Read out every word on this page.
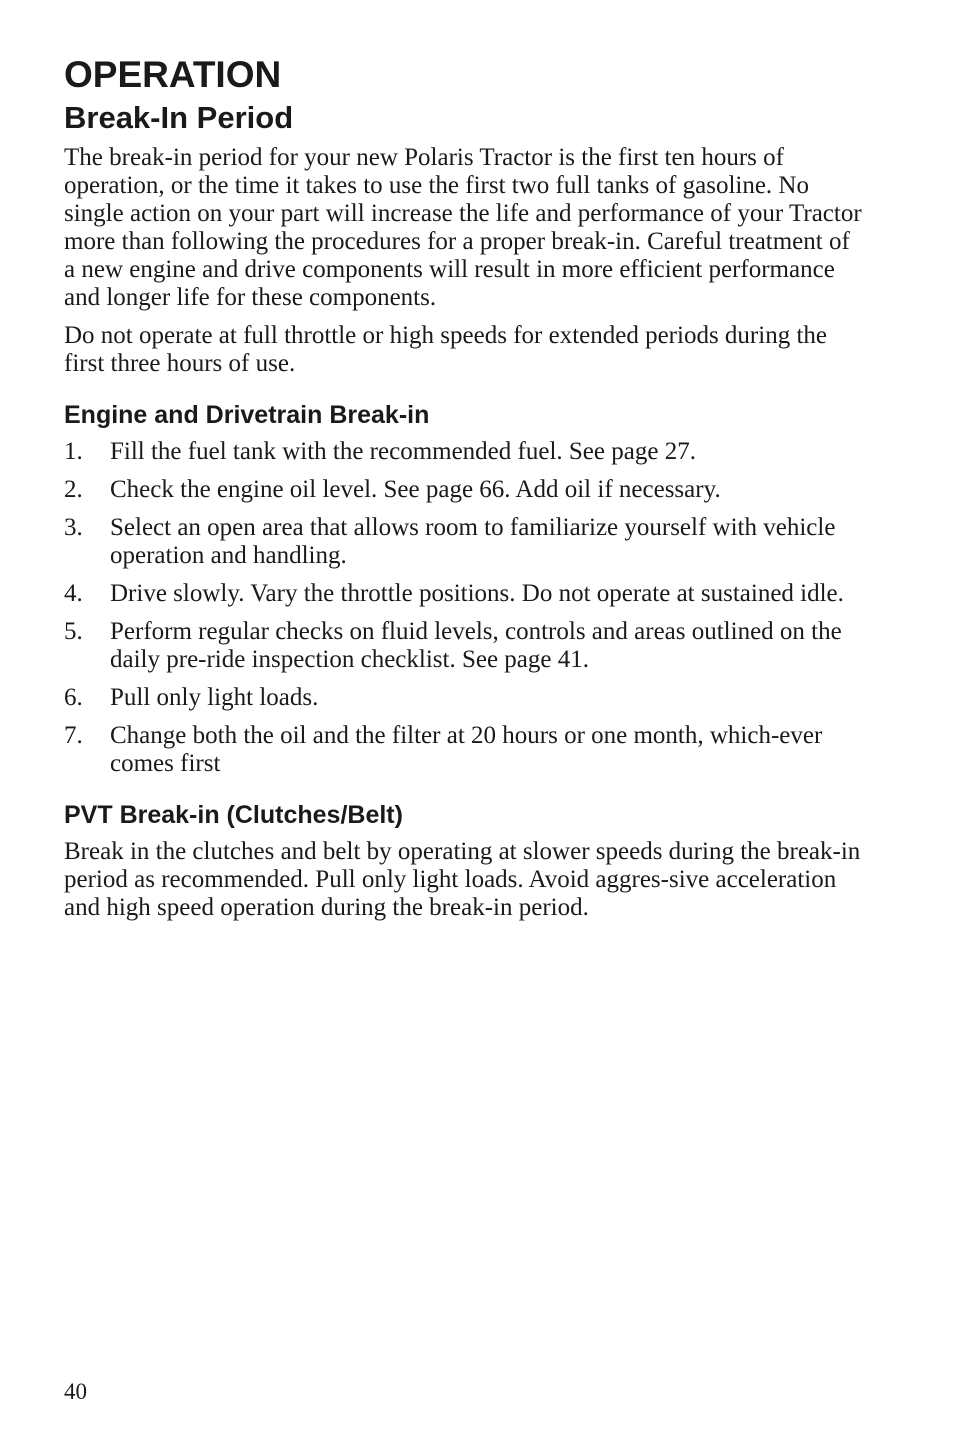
OPERATION
Break-In Period

The break-in period for your new Polaris Tractor is the first ten hours of operation, or the time it takes to use the first two full tanks of gasoline. No single action on your part will increase the life and performance of your Tractor more than following the procedures for a proper break-in. Careful treatment of a new engine and drive components will result in more efficient performance and longer life for these components.

Do not operate at full throttle or high speeds for extended periods during the first three hours of use.

Engine and Drivetrain Break-in
1.	Fill the fuel tank with the recommended fuel. See page 27.
2.	Check the engine oil level. See page 66. Add oil if necessary.
3.	Select an open area that allows room to familiarize yourself with vehicle operation and handling.
4.	Drive slowly. Vary the throttle positions. Do not operate at sustained idle.
5.	Perform regular checks on fluid levels, controls and areas outlined on the daily pre-ride inspection checklist. See page 41.
6.	Pull only light loads.
7.	Change both the oil and the filter at 20 hours or one month, which-ever comes first
PVT Break-in (Clutches/Belt)

Break in the clutches and belt by operating at slower speeds during the break-in period as recommended. Pull only light loads. Avoid aggres-sive acceleration and high speed operation during the break-in period.

40
